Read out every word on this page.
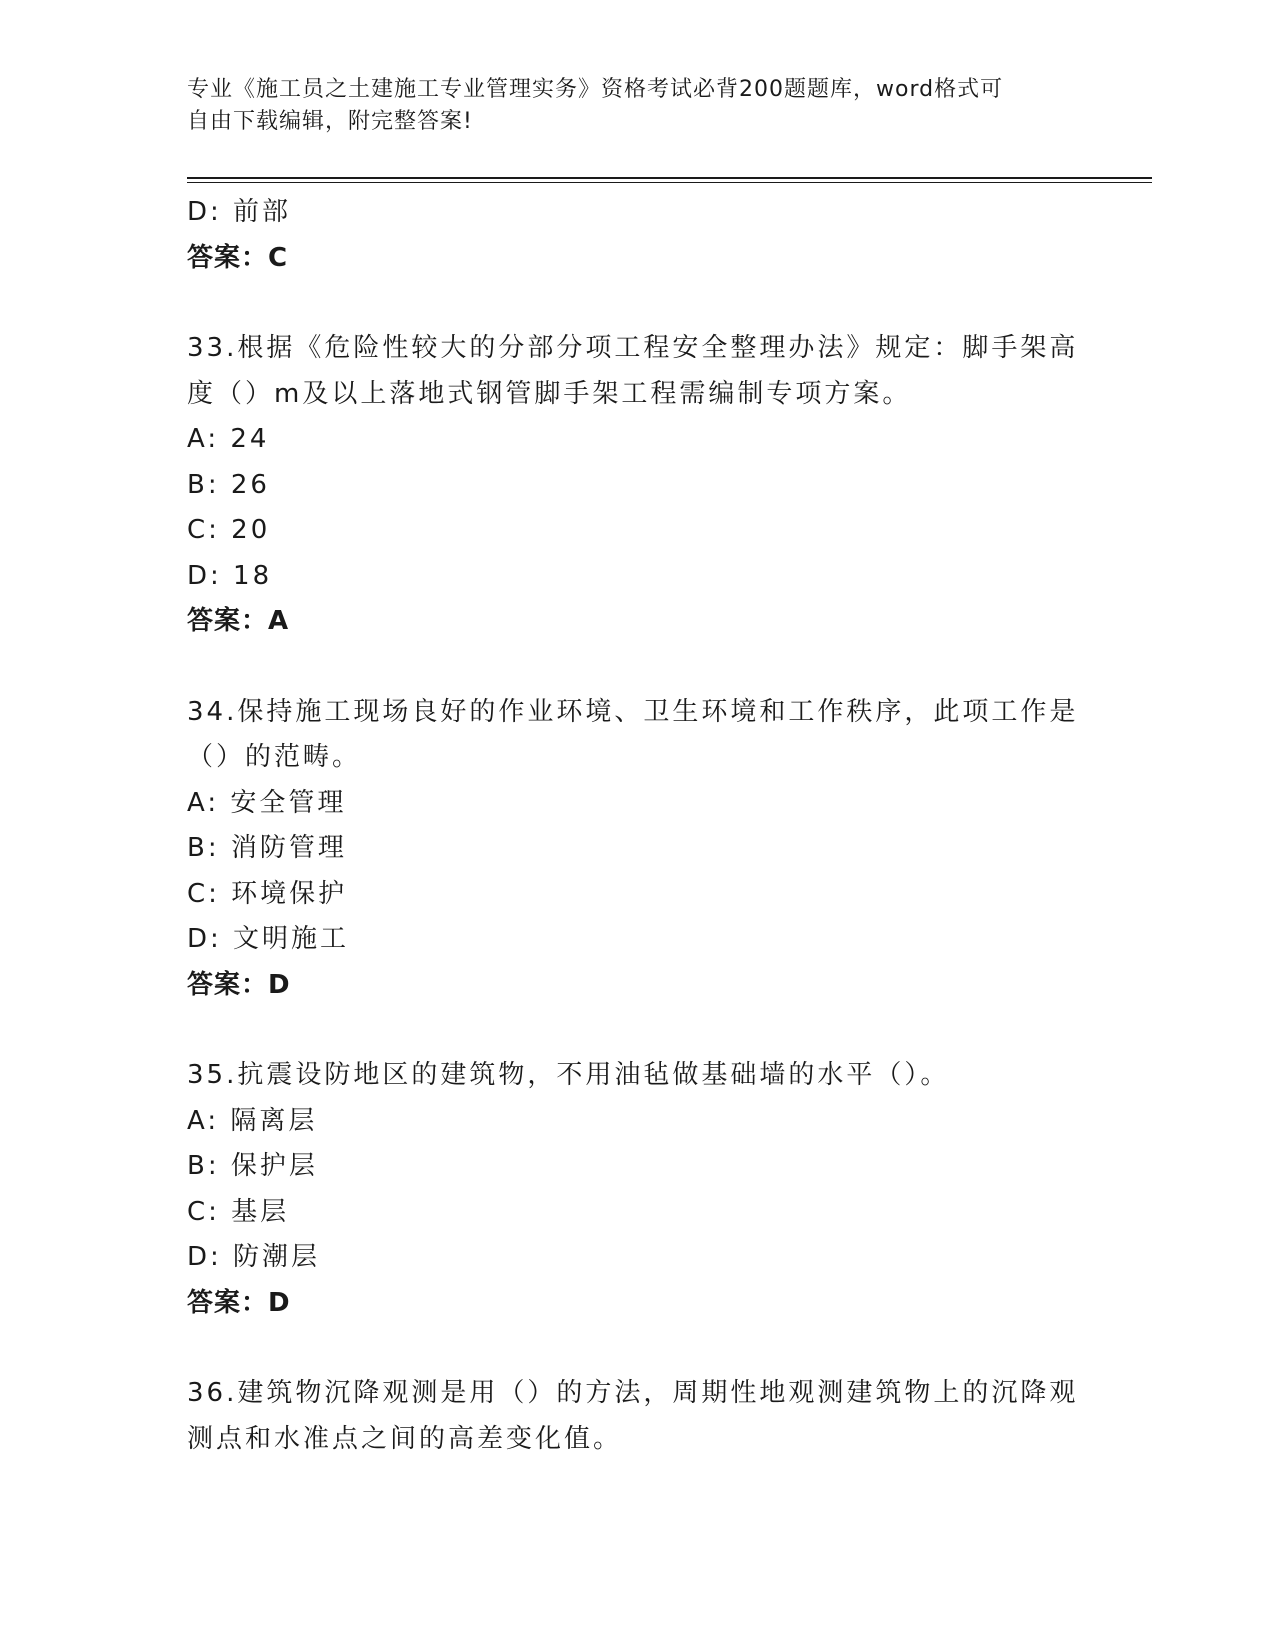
专业《施工员之土建施工专业管理实务》资格考试必背200题题库，word格式可
自由下载编辑，附完整答案!
D: 前部
答案：C
33.根据《危险性较大的分部分项工程安全整理办法》规定：脚手架高
度（）m及以上落地式钢管脚手架工程需编制专项方案。
A: 24
B: 26
C: 20
D: 18
答案：A
34.保持施工现场良好的作业环境、卫生环境和工作秩序，此项工作是
（）的范畴。
A: 安全管理
B: 消防管理
C: 环境保护
D: 文明施工
答案：D
35.抗震设防地区的建筑物，不用油毡做基础墙的水平（）。
A: 隔离层
B: 保护层
C: 基层
D: 防潮层
答案：D
36.建筑物沉降观测是用（）的方法，周期性地观测建筑物上的沉降观
测点和水准点之间的高差变化值。
